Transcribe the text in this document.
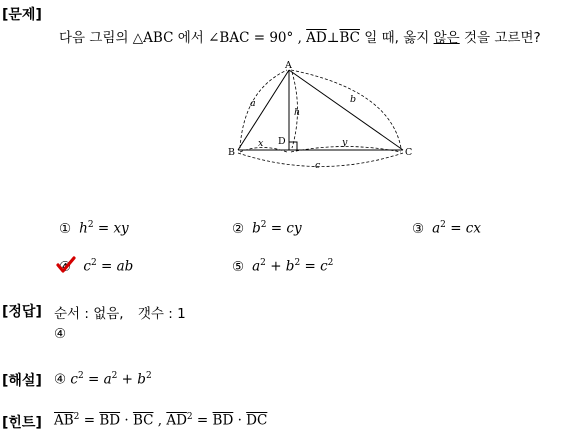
[문제]
다음 그림의 △ABC 에서 ∠BAC = 90° , $\overline{AD}\perp\overline{BC}$ 일 때, 옳지 않은 것을 고르면?
A
B	C
D
a	b
c
h
x	y
① $h^2$ = xy	② $b^2$ = cy	③ $a^2$ = cx
④ $c^2$ = ab	⑤ $a^2 + b^2 = c^2$
[정답] 순서 : 없음, 갯수 : 1
④
[해설] ④ $c^2 = a^2 + b^2$
[힌트] $\overline{AB}^2 = \overline{BD} \cdot \overline{BC}$ , $\overline{AD}^2 = \overline{BD} \cdot \overline{DC}$
